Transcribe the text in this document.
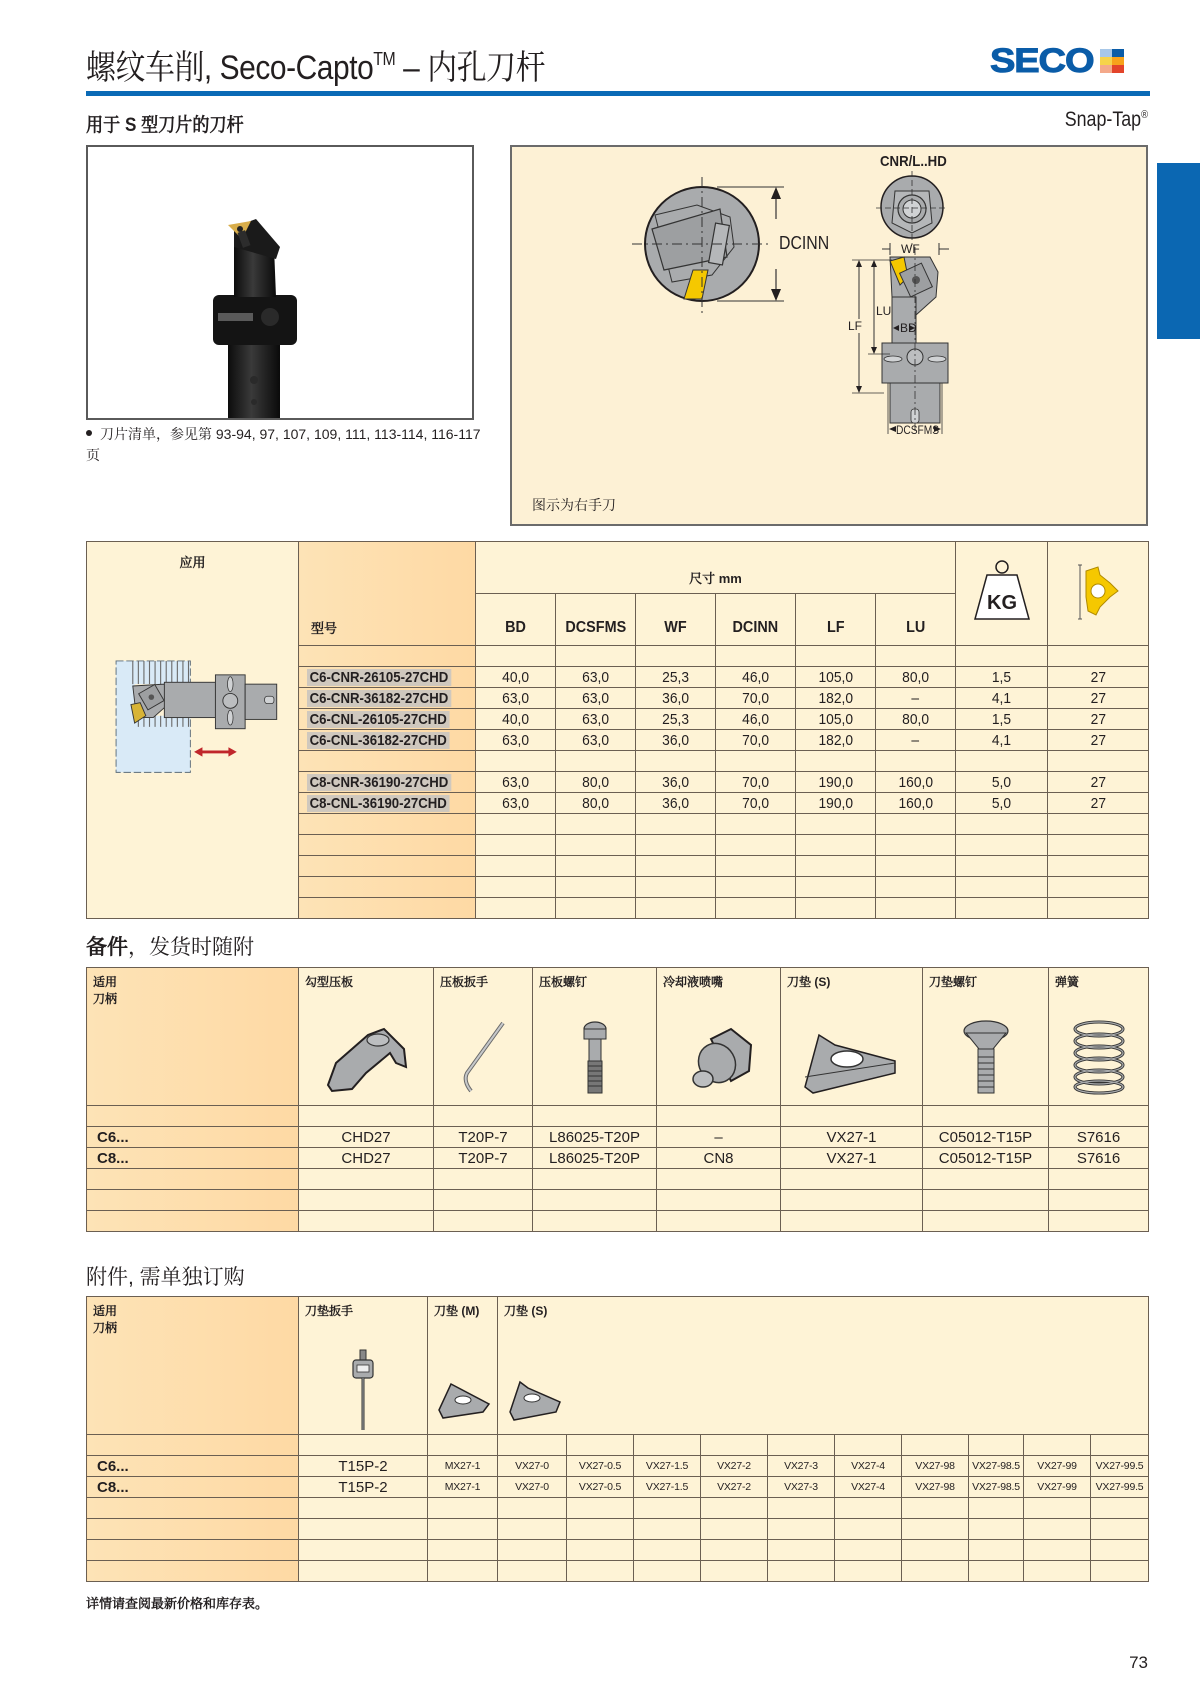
螺纹车削, Seco-Capto™ – 内孔刀杆	SECO
用于 S 型刀片的刀杆	Snap-Tap®
刀片清单，参见第 93-94, 97, 107, 109, 111, 113-114, 116-117 页
CNR/L..HD
DCINN	WF
LU
LF	BD
DCSFMS
图示为右手刀
应用	型号	尺寸 mm						KG

		BD	DCSFMS	WF	DCINN	LF	LU		

	C6-CNR-26105-27CHD	40,0	63,0	25,3	46,0	105,0	80,0	1,5	27
	C6-CNR-36182-27CHD	63,0	63,0	36,0	70,0	182,0	–	4,1	27
	C6-CNL-26105-27CHD	40,0	63,0	25,3	46,0	105,0	80,0	1,5	27
	C6-CNL-36182-27CHD	63,0	63,0	36,0	70,0	182,0	–	4,1	27

	C8-CNR-36190-27CHD	63,0	80,0	36,0	70,0	190,0	160,0	5,0	27
	C8-CNL-36190-27CHD	63,0	80,0	36,0	70,0	190,0	160,0	5,0	27

备件，发货时随附
适用
刀柄	勾型压板	压板扳手	压板螺钉	冷却液喷嘴	刀垫 (S)	刀垫螺钉	弹簧

C6...	CHD27	T20P-7	L86025-T20P	–	VX27-1	C05012-T15P	S7616
C8...	CHD27	T20P-7	L86025-T20P	CN8	VX27-1	C05012-T15P	S7616

附件, 需单独订购
适用
刀柄	刀垫扳手	刀垫 (M)	刀垫 (S)									

C6...	T15P-2	MX27-1	VX27-0	VX27-0.5	VX27-1.5	VX27-2	VX27-3	VX27-4	VX27-98	VX27-98.5	VX27-99	VX27-99.5
C8...	T15P-2	MX27-1	VX27-0	VX27-0.5	VX27-1.5	VX27-2	VX27-3	VX27-4	VX27-98	VX27-98.5	VX27-99	VX27-99.5

详情请查阅最新价格和库存表。
73
